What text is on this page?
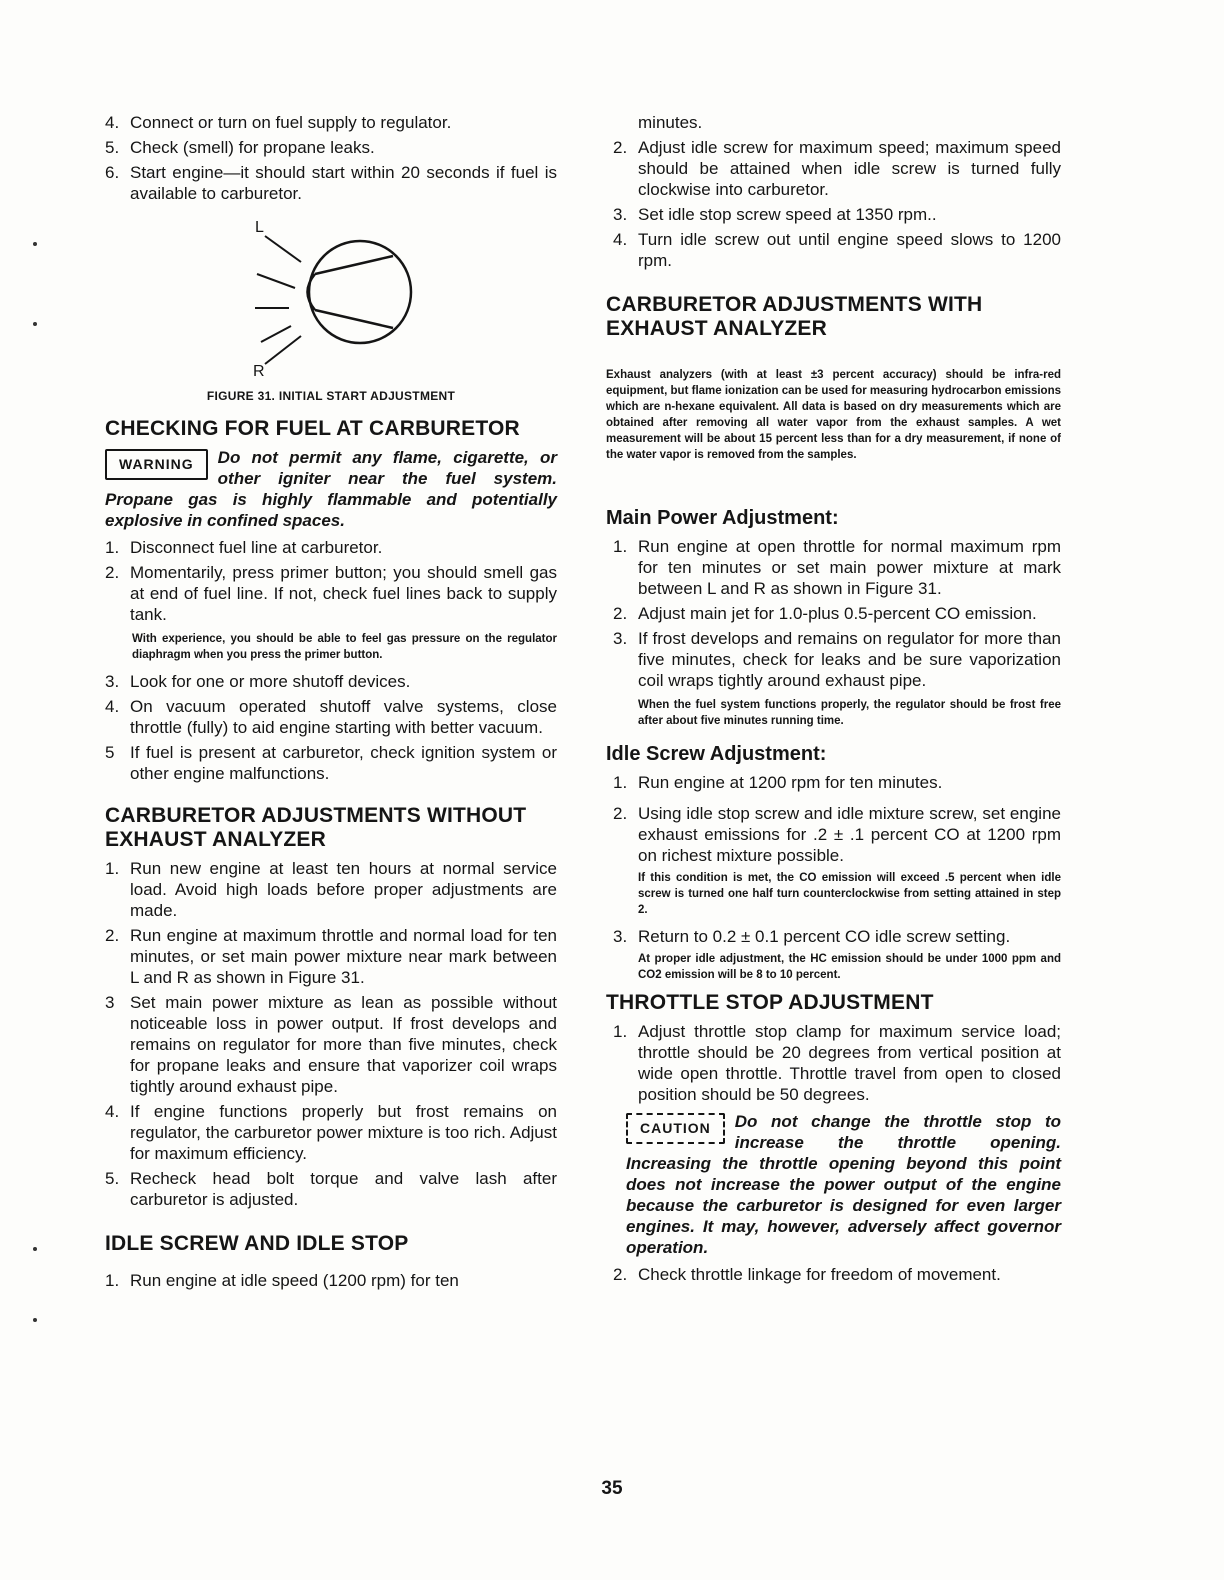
4. Connect or turn on fuel supply to regulator.
5. Check (smell) for propane leaks.
6. Start engine—it should start within 20 seconds if fuel is available to carburetor.
L
R
FIGURE 31. INITIAL START ADJUSTMENT
CHECKING FOR FUEL AT CARBURETOR
WARNING	Do not permit any flame, cigarette, or other igniter near the fuel system. Propane gas is highly flammable and potentially explosive in confined spaces.
1. Disconnect fuel line at carburetor.
2. Momentarily, press primer button; you should smell gas at end of fuel line. If not, check fuel lines back to supply tank.
With experience, you should be able to feel gas pressure on the regulator diaphragm when you press the primer button.
3. Look for one or more shutoff devices.
4. On vacuum operated shutoff valve systems, close throttle (fully) to aid engine starting with better vacuum.
5 If fuel is present at carburetor, check ignition system or other engine malfunctions.
CARBURETOR ADJUSTMENTS WITHOUT EXHAUST ANALYZER
1. Run new engine at least ten hours at normal service load. Avoid high loads before proper adjustments are made.
2. Run engine at maximum throttle and normal load for ten minutes, or set main power mixture near mark between L and R as shown in Figure 31.
3 Set main power mixture as lean as possible without noticeable loss in power output. If frost develops and remains on regulator for more than five minutes, check for propane leaks and ensure that vaporizer coil wraps tightly around exhaust pipe.
4. If engine functions properly but frost remains on regulator, the carburetor power mixture is too rich. Adjust for maximum efficiency.
5. Recheck head bolt torque and valve lash after carburetor is adjusted.
IDLE SCREW AND IDLE STOP
1. Run engine at idle speed (1200 rpm) for ten
minutes.
2. Adjust idle screw for maximum speed; maximum speed should be attained when idle screw is turned fully clockwise into carburetor.
3. Set idle stop screw speed at 1350 rpm..
4. Turn idle screw out until engine speed slows to 1200 rpm.
CARBURETOR ADJUSTMENTS WITH EXHAUST ANALYZER
Exhaust analyzers (with at least ±3 percent accuracy) should be infra-red equipment, but flame ionization can be used for measuring hydrocarbon emissions which are n-hexane equivalent. All data is based on dry measurements which are obtained after removing all water vapor from the exhaust samples. A wet measurement will be about 15 percent less than for a dry measurement, if none of the water vapor is removed from the samples.
Main Power Adjustment:
1. Run engine at open throttle for normal maximum rpm for ten minutes or set main power mixture at mark between L and R as shown in Figure 31.
2. Adjust main jet for 1.0-plus 0.5-percent CO emission.
3. If frost develops and remains on regulator for more than five minutes, check for leaks and be sure vaporization coil wraps tightly around exhaust pipe.
When the fuel system functions properly, the regulator should be frost free after about five minutes running time.
Idle Screw Adjustment:
1. Run engine at 1200 rpm for ten minutes.
2. Using idle stop screw and idle mixture screw, set engine exhaust emissions for .2 ± .1 percent CO at 1200 rpm on richest mixture possible.
If this condition is met, the CO emission will exceed .5 percent when idle screw is turned one half turn counterclockwise from setting attained in step 2.
3. Return to 0.2 ± 0.1 percent CO idle screw setting.
At proper idle adjustment, the HC emission should be under 1000 ppm and CO2 emission will be 8 to 10 percent.
THROTTLE STOP ADJUSTMENT
1. Adjust throttle stop clamp for maximum service load; throttle should be 20 degrees from vertical position at wide open throttle. Throttle travel from open to closed position should be 50 degrees.
CAUTION	Do not change the throttle stop to increase the throttle opening. Increasing the throttle opening beyond this point does not increase the power output of the engine because the carburetor is designed for even larger engines. It may, however, adversely affect governor operation.
2. Check throttle linkage for freedom of movement.
35
